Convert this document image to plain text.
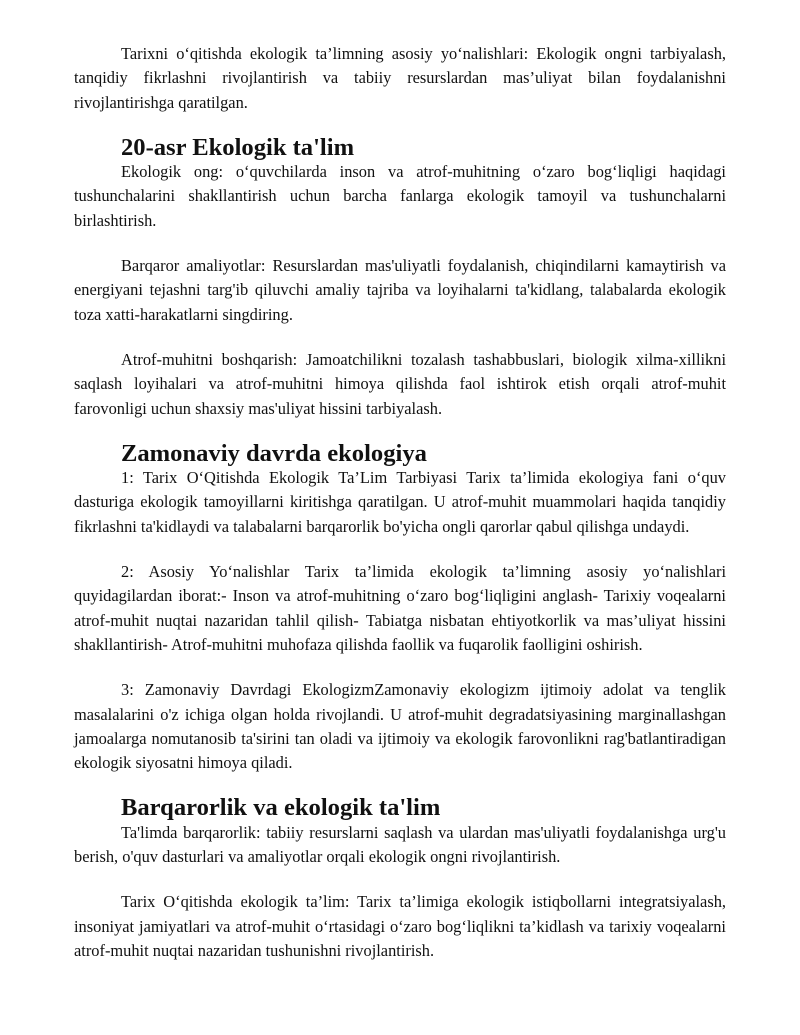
Tarixni oʻqitishda ekologik ta’limning asosiy yoʻnalishlari: Ekologik ongni tarbiyalash, tanqidiy fikrlashni rivojlantirish va tabiiy resurslardan mas’uliyat bilan foydalanishni rivojlantirishga qaratilgan.

20-asr Ekologik ta'lim

Ekologik ong: oʻquvchilarda inson va atrof-muhitning oʻzaro bogʻliqligi haqidagi tushunchalarini shakllantirish uchun barcha fanlarga ekologik tamoyil va tushunchalarni birlashtirish.

Barqaror amaliyotlar: Resurslardan mas'uliyatli foydalanish, chiqindilarni kamaytirish va energiyani tejashni targ'ib qiluvchi amaliy tajriba va loyihalarni ta'kidlang, talabalarda ekologik toza xatti-harakatlarni singdiring.

Atrof-muhitni boshqarish: Jamoatchilikni tozalash tashabbuslari, biologik xilma-xillikni saqlash loyihalari va atrof-muhitni himoya qilishda faol ishtirok etish orqali atrof-muhit farovonligi uchun shaxsiy mas'uliyat hissini tarbiyalash.

Zamonaviy davrda ekologiya

1: Tarix OʻQitishda Ekologik Ta’Lim Tarbiyasi Tarix ta’limida ekologiya fani oʻquv dasturiga ekologik tamoyillarni kiritishga qaratilgan. U atrof-muhit muammolari haqida tanqidiy fikrlashni ta'kidlaydi va talabalarni barqarorlik bo'yicha ongli qarorlar qabul qilishga undaydi.

2: Asosiy Yoʻnalishlar Tarix ta’limida ekologik ta’limning asosiy yoʻnalishlari quyidagilardan iborat:- Inson va atrof-muhitning oʻzaro bogʻliqligini anglash- Tarixiy voqealarni atrof-muhit nuqtai nazaridan tahlil qilish- Tabiatga nisbatan ehtiyotkorlik va mas’uliyat hissini shakllantirish- Atrof-muhitni muhofaza qilishda faollik va fuqarolik faolligini oshirish.

3: Zamonaviy Davrdagi EkologizmZamonaviy ekologizm ijtimoiy adolat va tenglik masalalarini o'z ichiga olgan holda rivojlandi. U atrof-muhit degradatsiyasining marginallashgan jamoalarga nomutanosib ta'sirini tan oladi va ijtimoiy va ekologik farovonlikni rag'batlantiradigan ekologik siyosatni himoya qiladi.

Barqarorlik va ekologik ta'lim

Ta'limda barqarorlik: tabiiy resurslarni saqlash va ulardan mas'uliyatli foydalanishga urg'u berish, o'quv dasturlari va amaliyotlar orqali ekologik ongni rivojlantirish.

Tarix Oʻqitishda ekologik ta’lim: Tarix ta’limiga ekologik istiqbollarni integratsiyalash, insoniyat jamiyatlari va atrof-muhit oʻrtasidagi oʻzaro bogʻliqlikni ta’kidlash va tarixiy voqealarni atrof-muhit nuqtai nazaridan tushunishni rivojlantirish.
